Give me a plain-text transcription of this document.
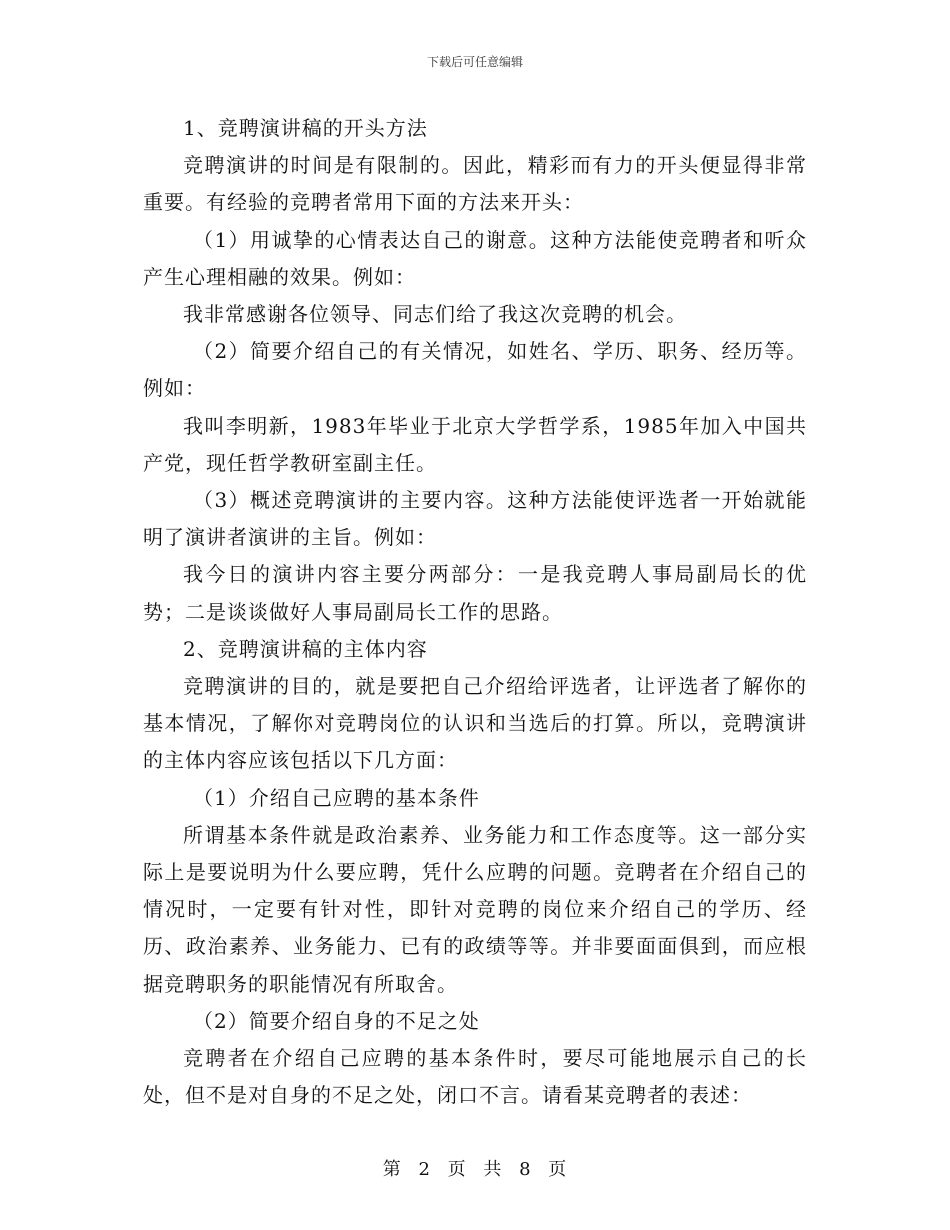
下载后可任意编辑

1、竞聘演讲稿的开头方法

竞聘演讲的时间是有限制的。因此，精彩而有力的开头便显得非常重要。有经验的竞聘者常用下面的方法来开头：

（1）用诚挚的心情表达自己的谢意。这种方法能使竞聘者和听众产生心理相融的效果。例如：

我非常感谢各位领导、同志们给了我这次竞聘的机会。

（2）简要介绍自己的有关情况，如姓名、学历、职务、经历等。例如：

我叫李明新，1983年毕业于北京大学哲学系，1985年加入中国共产党，现任哲学教研室副主任。

（3）概述竞聘演讲的主要内容。这种方法能使评选者一开始就能明了演讲者演讲的主旨。例如：

我今日的演讲内容主要分两部分：一是我竞聘人事局副局长的优势；二是谈谈做好人事局副局长工作的思路。

2、竞聘演讲稿的主体内容

竞聘演讲的目的，就是要把自己介绍给评选者，让评选者了解你的基本情况，了解你对竞聘岗位的认识和当选后的打算。所以，竞聘演讲的主体内容应该包括以下几方面：

（1）介绍自己应聘的基本条件

所谓基本条件就是政治素养、业务能力和工作态度等。这一部分实际上是要说明为什么要应聘，凭什么应聘的问题。竞聘者在介绍自己的情况时，一定要有针对性，即针对竞聘的岗位来介绍自己的学历、经历、政治素养、业务能力、已有的政绩等等。并非要面面俱到，而应根据竞聘职务的职能情况有所取舍。

（2）简要介绍自身的不足之处

竞聘者在介绍自己应聘的基本条件时，要尽可能地展示自己的长处，但不是对自身的不足之处，闭口不言。请看某竞聘者的表述：

第 2 页 共 8 页
